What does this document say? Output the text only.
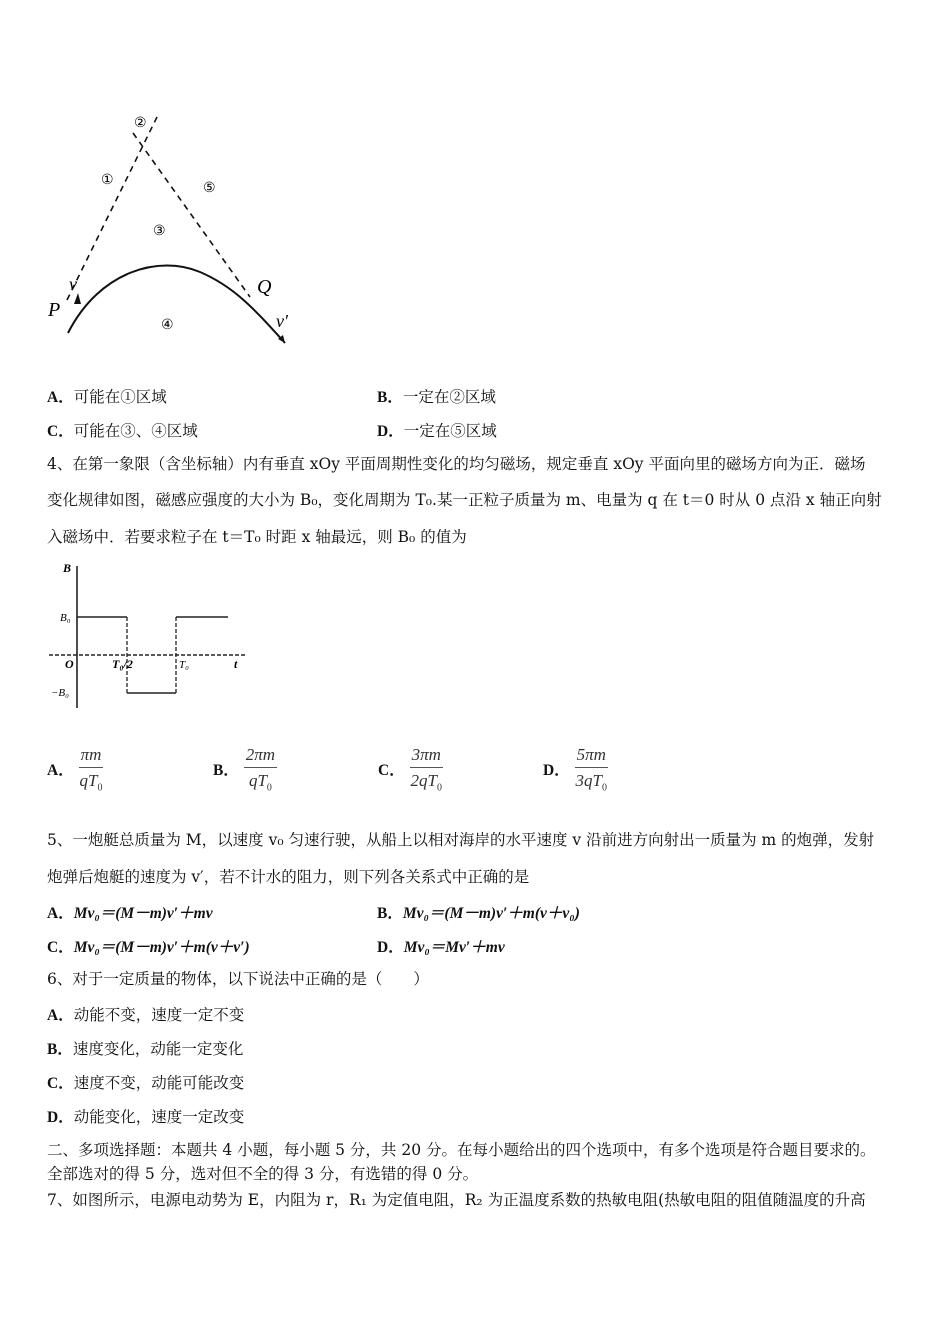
②
①
⑤
③
④
P
v	Q
v′
A．可能在①区域	B．一定在②区域
C．可能在③、④区域	D．一定在⑤区域
4、在第一象限（含坐标轴）内有垂直 xOy 平面周期性变化的均匀磁场，规定垂直 xOy 平面向里的磁场方向为正．磁场
变化规律如图，磁感应强度的大小为 B₀，变化周期为 T₀.某一正粒子质量为 m、电量为 q 在 t＝0 时从 0 点沿 x 轴正向射
入磁场中．若要求粒子在 t＝T₀ 时距 x 轴最远，则 B₀ 的值为
B
B₀
−B₀
O	T₀/2	T₀	t
A． $\frac{\pi m}{qT_0}$	B． $\frac{2\pi m}{qT_0}$	C． $\frac{3\pi m}{2qT_0}$	D． $\frac{5\pi m}{3qT_0}$
5、一炮艇总质量为 M，以速度 v₀ 匀速行驶，从船上以相对海岸的水平速度 v 沿前进方向射出一质量为 m 的炮弹，发射
炮弹后炮艇的速度为 v′，若不计水的阻力，则下列各关系式中正确的是
A．Mv₀＝(M－m)v′＋mv	B．Mv₀＝(M－m)v′＋m(v＋v₀)
C．Mv₀＝(M－m)v′＋m(v＋v′)	D．Mv₀＝Mv′＋mv
6、对于一定质量的物体，以下说法中正确的是（　　）
A．动能不变，速度一定不变
B．速度变化，动能一定变化
C．速度不变，动能可能改变
D．动能变化，速度一定改变
二、多项选择题：本题共 4 小题，每小题 5 分，共 20 分。在每小题给出的四个选项中，有多个选项是符合题目要求的。
全部选对的得 5 分，选对但不全的得 3 分，有选错的得 0 分。
7、如图所示，电源电动势为 E，内阻为 r，R₁ 为定值电阻，R₂ 为正温度系数的热敏电阻(热敏电阻的阻值随温度的升高
